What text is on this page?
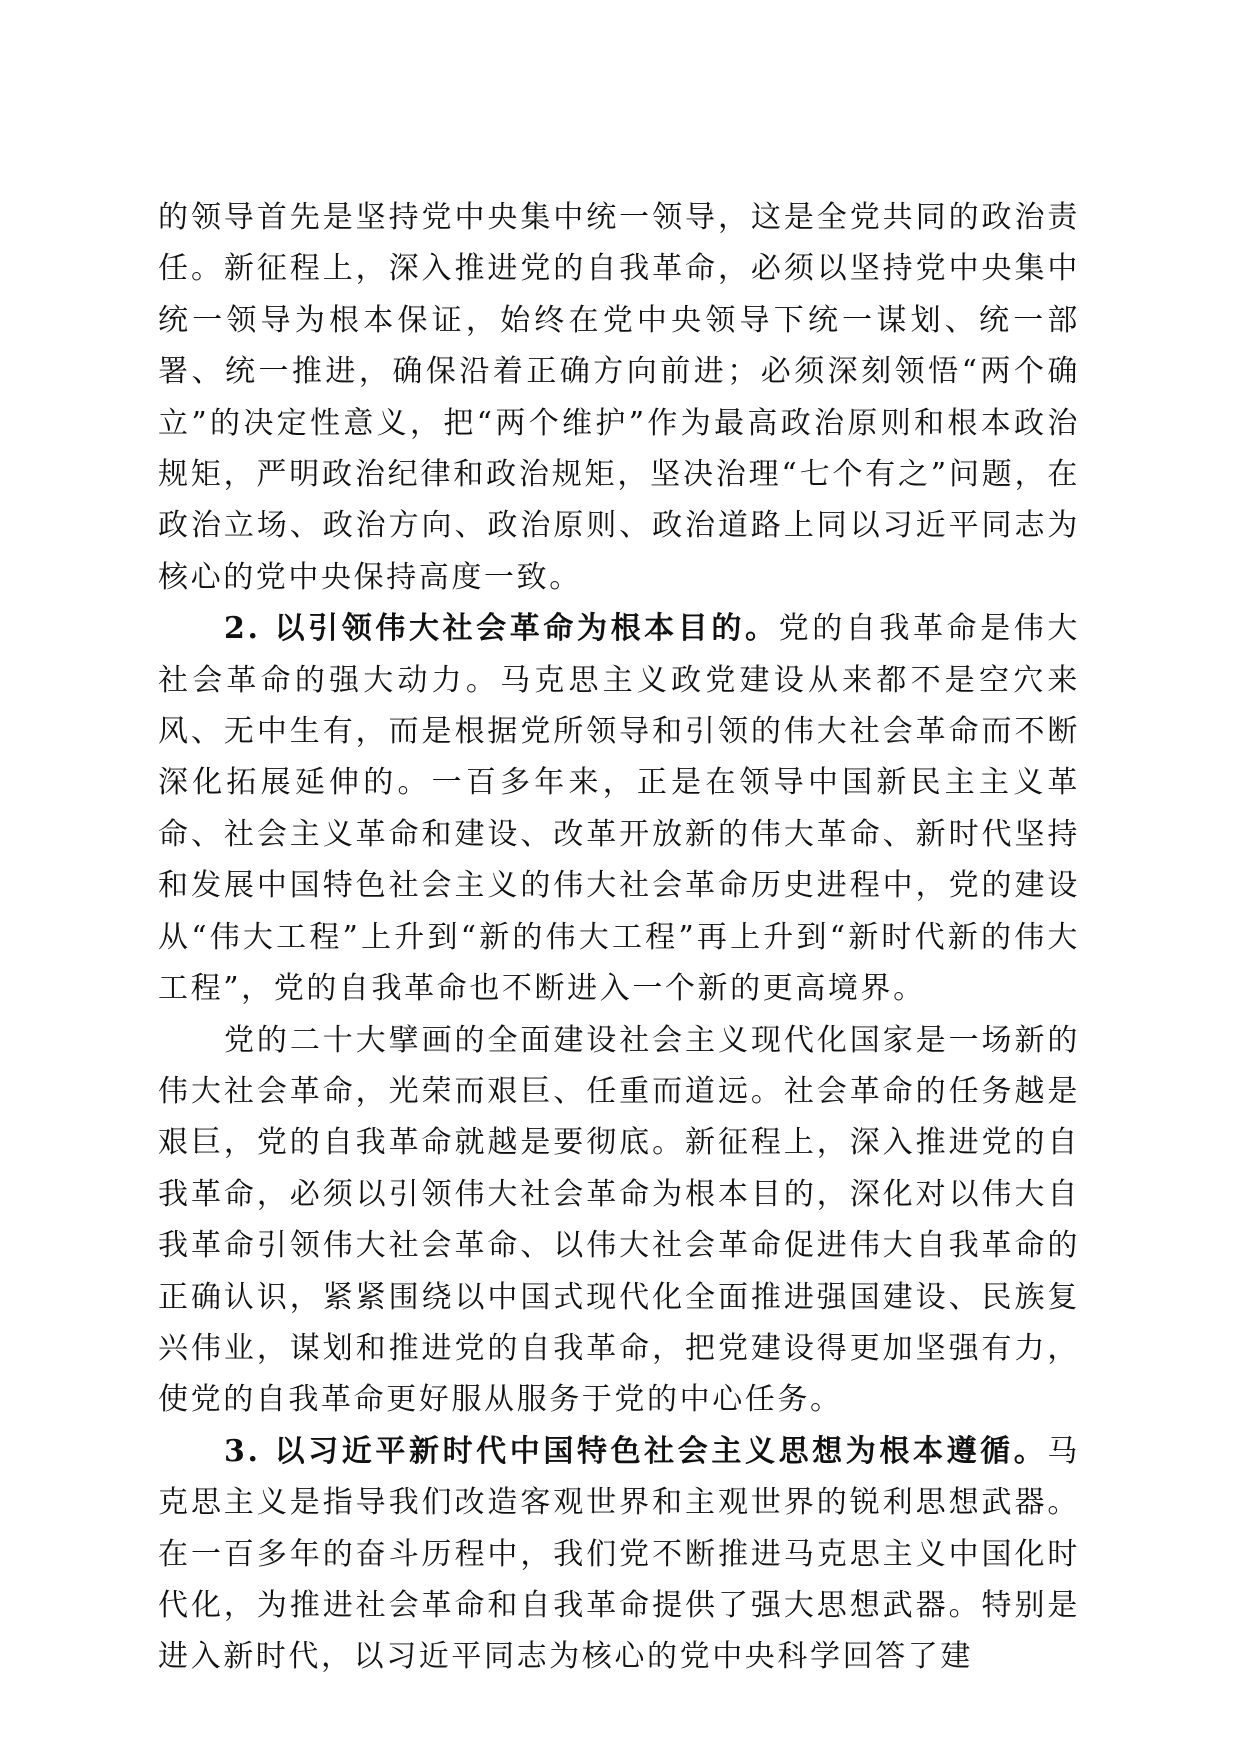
的领导首先是坚持党中央集中统一领导，这是全党共同的政治责任。新征程上，深入推进党的自我革命，必须以坚持党中央集中统一领导为根本保证，始终在党中央领导下统一谋划、统一部署、统一推进，确保沿着正确方向前进；必须深刻领悟“两个确立”的决定性意义，把“两个维护”作为最高政治原则和根本政治规矩，严明政治纪律和政治规矩，坚决治理“七个有之”问题，在政治立场、政治方向、政治原则、政治道路上同以习近平同志为核心的党中央保持高度一致。

2. 以引领伟大社会革命为根本目的。党的自我革命是伟大社会革命的强大动力。马克思主义政党建设从来都不是空穴来风、无中生有，而是根据党所领导和引领的伟大社会革命而不断深化拓展延伸的。一百多年来，正是在领导中国新民主主义革命、社会主义革命和建设、改革开放新的伟大革命、新时代坚持和发展中国特色社会主义的伟大社会革命历史进程中，党的建设从“伟大工程”上升到“新的伟大工程”再上升到“新时代新的伟大工程”，党的自我革命也不断进入一个新的更高境界。

党的二十大擘画的全面建设社会主义现代化国家是一场新的伟大社会革命，光荣而艰巨、任重而道远。社会革命的任务越是艰巨，党的自我革命就越是要彻底。新征程上，深入推进党的自我革命，必须以引领伟大社会革命为根本目的，深化对以伟大自我革命引领伟大社会革命、以伟大社会革命促进伟大自我革命的正确认识，紧紧围绕以中国式现代化全面推进强国建设、民族复兴伟业，谋划和推进党的自我革命，把党建设得更加坚强有力，使党的自我革命更好服从服务于党的中心任务。

3. 以习近平新时代中国特色社会主义思想为根本遵循。马克思主义是指导我们改造客观世界和主观世界的锐利思想武器。在一百多年的奋斗历程中，我们党不断推进马克思主义中国化时代化，为推进社会革命和自我革命提供了强大思想武器。特别是进入新时代，以习近平同志为核心的党中央科学回答了建
